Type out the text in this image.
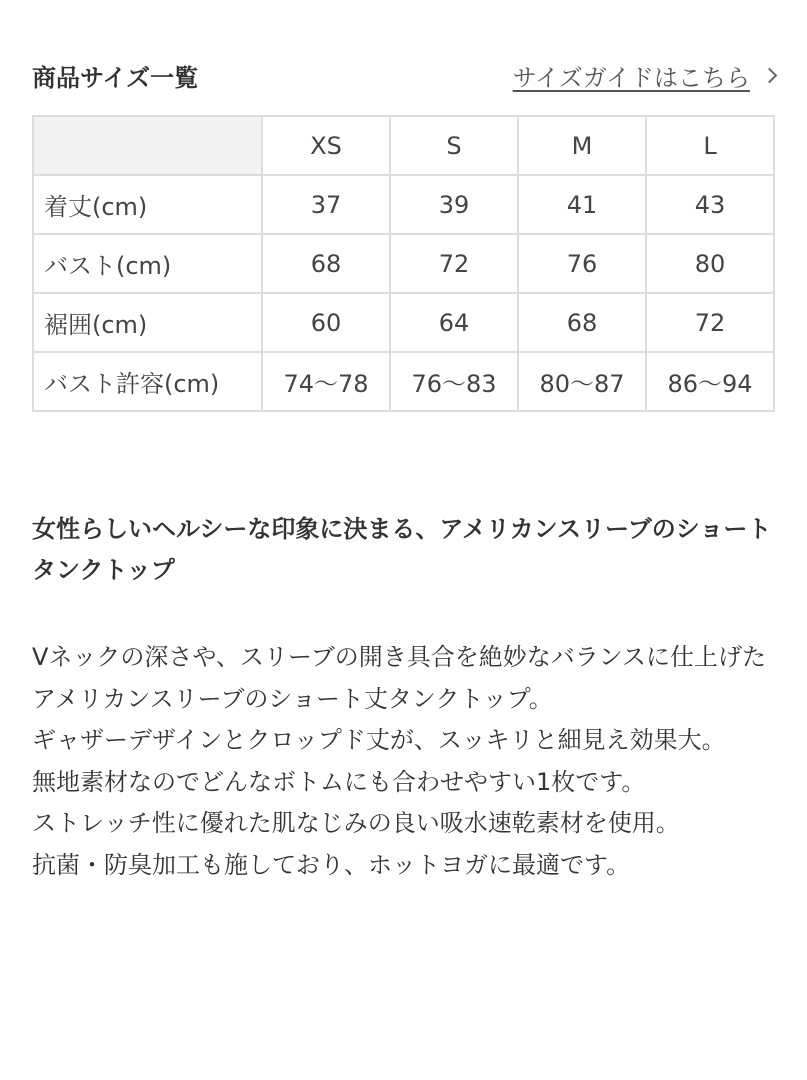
商品サイズ一覧	サイズガイドはこちら
	XS	S	M	L
着丈(cm)	37	39	41	43
バスト(cm)	68	72	76	80
裾囲(cm)	60	64	68	72
バスト許容(cm)	74〜78	76〜83	80〜87	86〜94
女性らしいヘルシーな印象に決まる、アメリカンスリーブのショートタンクトップ

Vネックの深さや、スリーブの開き具合を絶妙なバランスに仕上げたアメリカンスリーブのショート丈タンクトップ。

ギャザーデザインとクロップド丈が、スッキリと細見え効果大。

無地素材なのでどんなボトムにも合わせやすい1枚です。

ストレッチ性に優れた肌なじみの良い吸水速乾素材を使用。

抗菌・防臭加工も施しており、ホットヨガに最適です。
